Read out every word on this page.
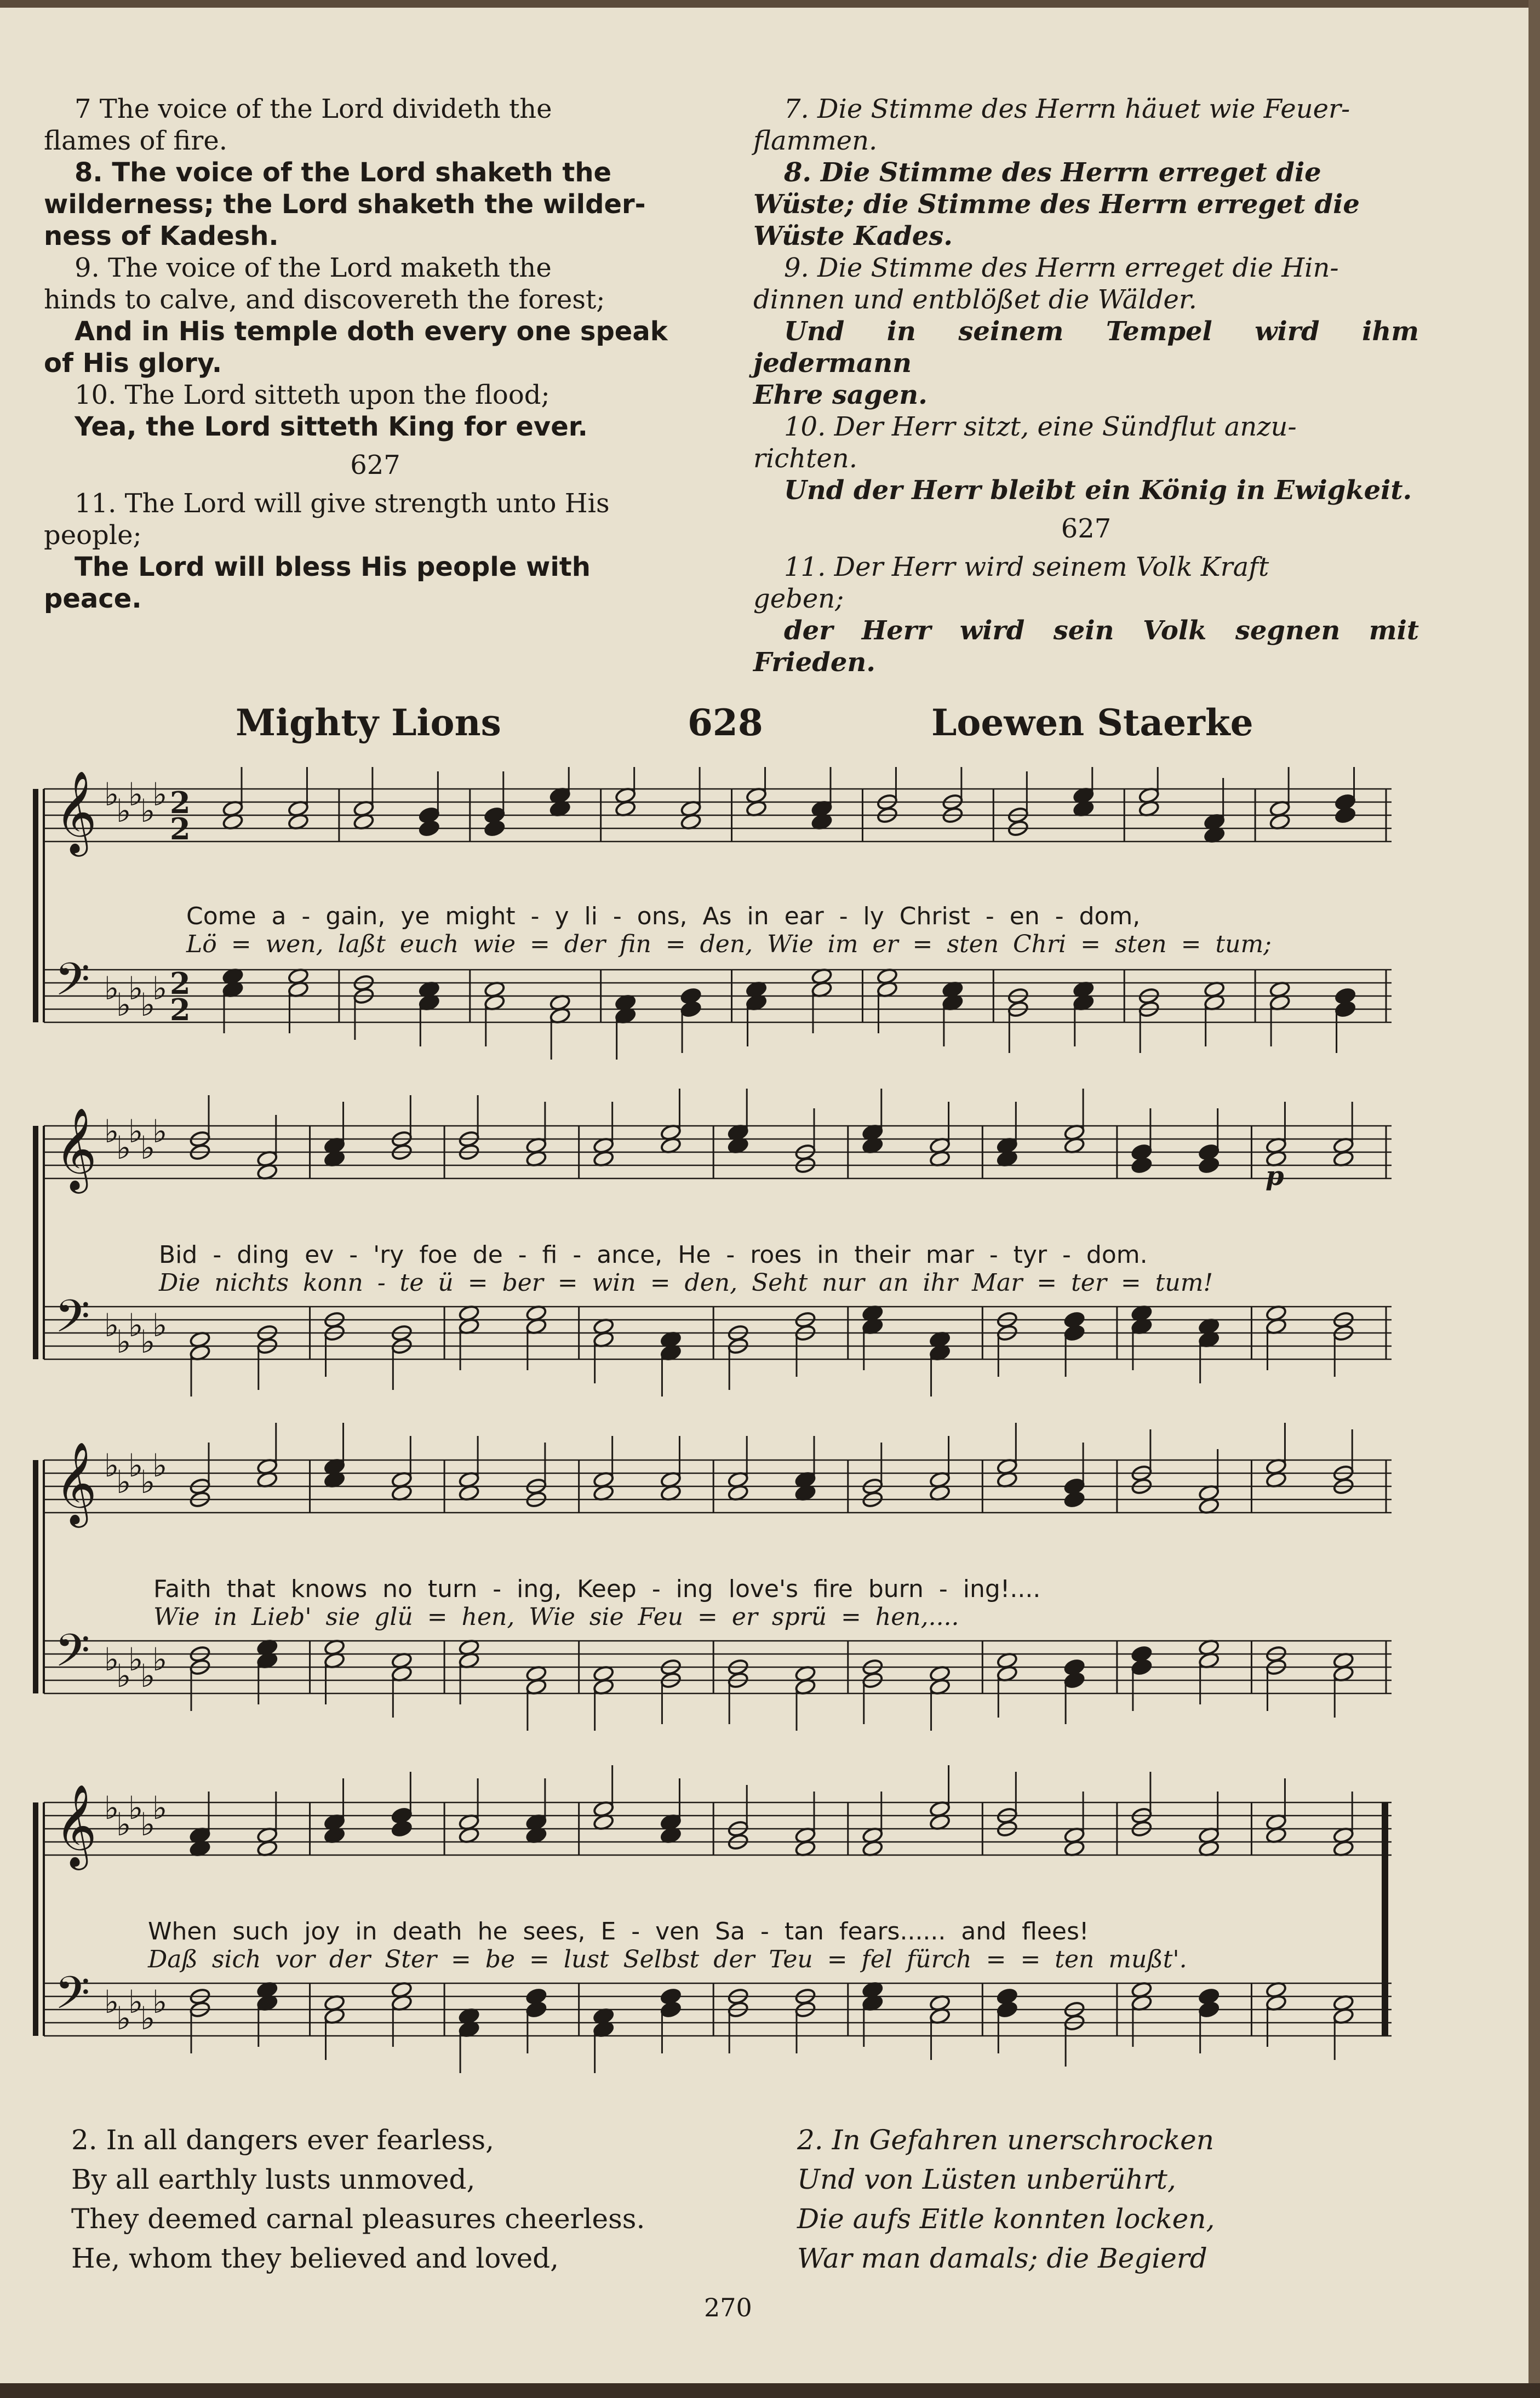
7 The voice of the Lord divideth the
flames of fire.

8. The voice of the Lord shaketh the
wilderness; the Lord shaketh the wilder-
ness of Kadesh.

9. The voice of the Lord maketh the
hinds to calve, and discovereth the forest;

And in His temple doth every one speak
of His glory.

10. The Lord sitteth upon the flood;

Yea, the Lord sitteth King for ever.

627

11. The Lord will give strength unto His
people;

The Lord will bless His people with
peace.

7. Die Stimme des Herrn häuet wie Feuer-
flammen.

8. Die Stimme des Herrn erreget die
Wüste; die Stimme des Herrn erreget die
Wüste Kades.

9. Die Stimme des Herrn erreget die Hin-
dinnen und entblößet die Wälder.

Und in seinem Tempel wird ihm jedermann
Ehre sagen.

10. Der Herr sitzt, eine Sündflut anzu-
richten.

Und der Herr bleibt ein König in Ewigkeit.

627

11. Der Herr wird seinem Volk Kraft
geben;

der Herr wird sein Volk segnen mit Frieden.

Mighty Lions	628	Loewen Staerke
𝄞
𝄢
♭
♭
♭
♭
♭
♭
♭
♭
♭
♭
2
2
2
2
𝄞
𝄢
♭
♭
♭
♭
♭
♭
♭
♭
♭
♭
𝄞
𝄢
♭
♭
♭
♭
♭
♭
♭
♭
♭
♭
𝄞
𝄢
♭
♭
♭
♭
♭
♭
♭
♭
♭
♭
p
Come a - gain, ye might - y li - ons, As in ear - ly Christ - en - dom,
Lö = wen, laßt euch wie = der fin = den, Wie im er = sten Chri = sten = tum;
Bid - ding ev - 'ry foe de - fi - ance, He - roes in their mar - tyr - dom.
Die nichts konn - te ü = ber = win = den, Seht nur an ihr Mar = ter = tum!
Faith that knows no turn - ing, Keep - ing love's fire burn - ing!....
Wie in Lieb' sie glü = hen, Wie sie Feu = er sprü = hen,....
When such joy in death he sees, E - ven Sa - tan fears...... and flees!
Daß sich vor der Ster = be = lust Selbst der Teu = fel fürch = = ten mußt'.

2. In all dangers ever fearless,

By all earthly lusts unmoved,

They deemed carnal pleasures cheerless.

He, whom they believed and loved,

2. In Gefahren unerschrocken

Und von Lüsten unberührt,

Die aufs Eitle konnten locken,

War man damals; die Begierd

270
